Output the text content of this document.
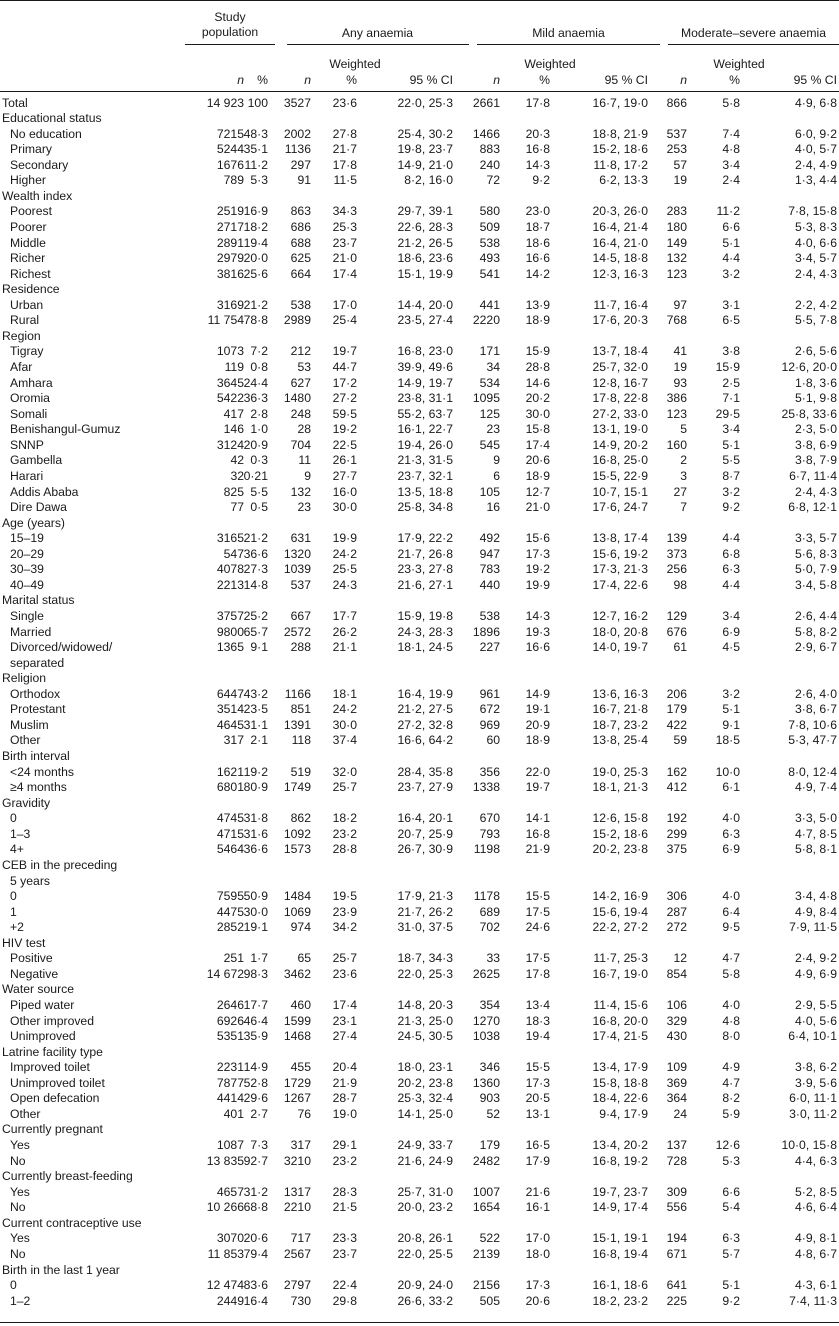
Study
population	Any anaemia	Mild anaemia	Moderate–severe anaemia
Weighted	Weighted	Weighted
n	%	n	%	95 % CI	n	%	95 % CI	n	%	95 % CI
Total	14 923 100	3527	23·6	22·0, 25·3	2661	17·8	16·7, 19·0	866	5·8	4·9, 6·8
Educational status
No education	7215 48·3	2002	27·8	25·4, 30·2	1466	20·3	18·8, 21·9	537	7·4	6·0, 9·2
Primary	5244 35·1	1136	21·7	19·8, 23·7	883	16·8	15·2, 18·6	253	4·8	4·0, 5·7
Secondary	1676 11·2	297	17·8	14·9, 21·0	240	14·3	11·8, 17·2	57	3·4	2·4, 4·9
Higher	789 5·3	91	11·5	8·2, 16·0	72	9·2	6·2, 13·3	19	2·4	1·3, 4·4
Wealth index
Poorest	2519 16·9	863	34·3	29·7, 39·1	580	23·0	20·3, 26·0	283	11·2	7·8, 15·8
Poorer	2717 18·2	686	25·3	22·6, 28·3	509	18·7	16·4, 21·4	180	6·6	5·3, 8·3
Middle	2891 19·4	688	23·7	21·2, 26·5	538	18·6	16·4, 21·0	149	5·1	4·0, 6·6
Richer	2979 20·0	625	21·0	18·6, 23·6	493	16·6	14·5, 18·8	132	4·4	3·4, 5·7
Richest	3816 25·6	664	17·4	15·1, 19·9	541	14·2	12·3, 16·3	123	3·2	2·4, 4·3
Residence
Urban	3169 21·2	538	17·0	14·4, 20·0	441	13·9	11·7, 16·4	97	3·1	2·2, 4·2
Rural	11 754 78·8	2989	25·4	23·5, 27·4	2220	18·9	17·6, 20·3	768	6·5	5·5, 7·8
Region
Tigray	1073 7·2	212	19·7	16·8, 23·0	171	15·9	13·7, 18·4	41	3·8	2·6, 5·6
Afar	119 0·8	53	44·7	39·9, 49·6	34	28·8	25·7, 32·0	19	15·9	12·6, 20·0
Amhara	3645 24·4	627	17·2	14·9, 19·7	534	14·6	12·8, 16·7	93	2·5	1·8, 3·6
Oromia	5422 36·3	1480	27·2	23·8, 31·1	1095	20·2	17·8, 22·8	386	7·1	5·1, 9·8
Somali	417 2·8	248	59·5	55·2, 63·7	125	30·0	27·2, 33·0	123	29·5	25·8, 33·6
Benishangul-Gumuz	146 1·0	28	19·2	16·1, 22·7	23	15·8	13·1, 19·0	5	3·4	2·3, 5·0
SNNP	3124 20·9	704	22·5	19·4, 26·0	545	17·4	14·9, 20·2	160	5·1	3·8, 6·9
Gambella	42 0·3	11	26·1	21·3, 31·5	9	20·6	16·8, 25·0	2	5·5	3·8, 7·9
Harari	32 0·21	9	27·7	23·7, 32·1	6	18·9	15·5, 22·9	3	8·7	6·7, 11·4
Addis Ababa	825 5·5	132	16·0	13·5, 18·8	105	12·7	10·7, 15·1	27	3·2	2·4, 4·3
Dire Dawa	77 0·5	23	30·0	25·8, 34·8	16	21·0	17·6, 24·7	7	9·2	6·8, 12·1
Age (years)
15–19	3165 21·2	631	19·9	17·9, 22·2	492	15·6	13·8, 17·4	139	4·4	3·3, 5·7
20–29	547 36·6	1320	24·2	21·7, 26·8	947	17·3	15·6, 19·2	373	6·8	5·6, 8·3
30–39	4078 27·3	1039	25·5	23·3, 27·8	783	19·2	17·3, 21·3	256	6·3	5·0, 7·9
40–49	2213 14·8	537	24·3	21·6, 27·1	440	19·9	17·4, 22·6	98	4·4	3·4, 5·8
Marital status
Single	3757 25·2	667	17·7	15·9, 19·8	538	14·3	12·7, 16·2	129	3·4	2·6, 4·4
Married	9800 65·7	2572	26·2	24·3, 28·3	1896	19·3	18·0, 20·8	676	6·9	5·8, 8·2
Divorced/widowed/	1365 9·1	288	21·1	18·1, 24·5	227	16·6	14·0, 19·7	61	4·5	2·9, 6·7
separated
Religion
Orthodox	6447 43·2	1166	18·1	16·4, 19·9	961	14·9	13·6, 16·3	206	3·2	2·6, 4·0
Protestant	3514 23·5	851	24·2	21·2, 27·5	672	19·1	16·7, 21·8	179	5·1	3·8, 6·7
Muslim	4645 31·1	1391	30·0	27·2, 32·8	969	20·9	18·7, 23·2	422	9·1	7·8, 10·6
Other	317 2·1	118	37·4	16·6, 64·2	60	18·9	13·8, 25·4	59	18·5	5·3, 47·7
Birth interval
<24 months	1621 19·2	519	32·0	28·4, 35·8	356	22·0	19·0, 25·3	162	10·0	8·0, 12·4
≥4 months	6801 80·9	1749	25·7	23·7, 27·9	1338	19·7	18·1, 21·3	412	6·1	4·9, 7·4
Gravidity
0	4745 31·8	862	18·2	16·4, 20·1	670	14·1	12·6, 15·8	192	4·0	3·3, 5·0
1–3	4715 31·6	1092	23·2	20·7, 25·9	793	16·8	15·2, 18·6	299	6·3	4·7, 8·5
4+	5464 36·6	1573	28·8	26·7, 30·9	1198	21·9	20·2, 23·8	375	6·9	5·8, 8·1
CEB in the preceding
5 years
0	7595 50·9	1484	19·5	17·9, 21·3	1178	15·5	14·2, 16·9	306	4·0	3·4, 4·8
1	4475 30·0	1069	23·9	21·7, 26·2	689	17·5	15·6, 19·4	287	6·4	4·9, 8·4
+2	2852 19·1	974	34·2	31·0, 37·5	702	24·6	22·2, 27·2	272	9·5	7·9, 11·5
HIV test
Positive	251 1·7	65	25·7	18·7, 34·3	33	17·5	11·7, 25·3	12	4·7	2·4, 9·2
Negative	14 672 98·3	3462	23·6	22·0, 25·3	2625	17·8	16·7, 19·0	854	5·8	4·9, 6·9
Water source
Piped water	2646 17·7	460	17·4	14·8, 20·3	354	13·4	11·4, 15·6	106	4·0	2·9, 5·5
Other improved	6926 46·4	1599	23·1	21·3, 25·0	1270	18·3	16·8, 20·0	329	4·8	4·0, 5·6
Unimproved	5351 35·9	1468	27·4	24·5, 30·5	1038	19·4	17·4, 21·5	430	8·0	6·4, 10·1
Latrine facility type
Improved toilet	2231 14·9	455	20·4	18·0, 23·1	346	15·5	13·4, 17·9	109	4·9	3·8, 6·2
Unimproved toilet	7877 52·8	1729	21·9	20·2, 23·8	1360	17·3	15·8, 18·8	369	4·7	3·9, 5·6
Open defecation	4414 29·6	1267	28·7	25·3, 32·4	903	20·5	18·4, 22·6	364	8·2	6·0, 11·1
Other	401 2·7	76	19·0	14·1, 25·0	52	13·1	9·4, 17·9	24	5·9	3·0, 11·2
Currently pregnant
Yes	1087 7·3	317	29·1	24·9, 33·7	179	16·5	13·4, 20·2	137	12·6	10·0, 15·8
No	13 835 92·7	3210	23·2	21·6, 24·9	2482	17·9	16·8, 19·2	728	5·3	4·4, 6·3
Currently breast-feeding
Yes	4657 31·2	1317	28·3	25·7, 31·0	1007	21·6	19·7, 23·7	309	6·6	5·2, 8·5
No	10 266 68·8	2210	21·5	20·0, 23·2	1654	16·1	14·9, 17·4	556	5·4	4·6, 6·4
Current contraceptive use
Yes	3070 20·6	717	23·3	20·8, 26·1	522	17·0	15·1, 19·1	194	6·3	4·9, 8·1
No	11 853 79·4	2567	23·7	22·0, 25·5	2139	18·0	16·8, 19·4	671	5·7	4·8, 6·7
Birth in the last 1 year
0	12 474 83·6	2797	22·4	20·9, 24·0	2156	17·3	16·1, 18·6	641	5·1	4·3, 6·1
1–2	2449 16·4	730	29·8	26·6, 33·2	505	20·6	18·2, 23·2	225	9·2	7·4, 11·3
